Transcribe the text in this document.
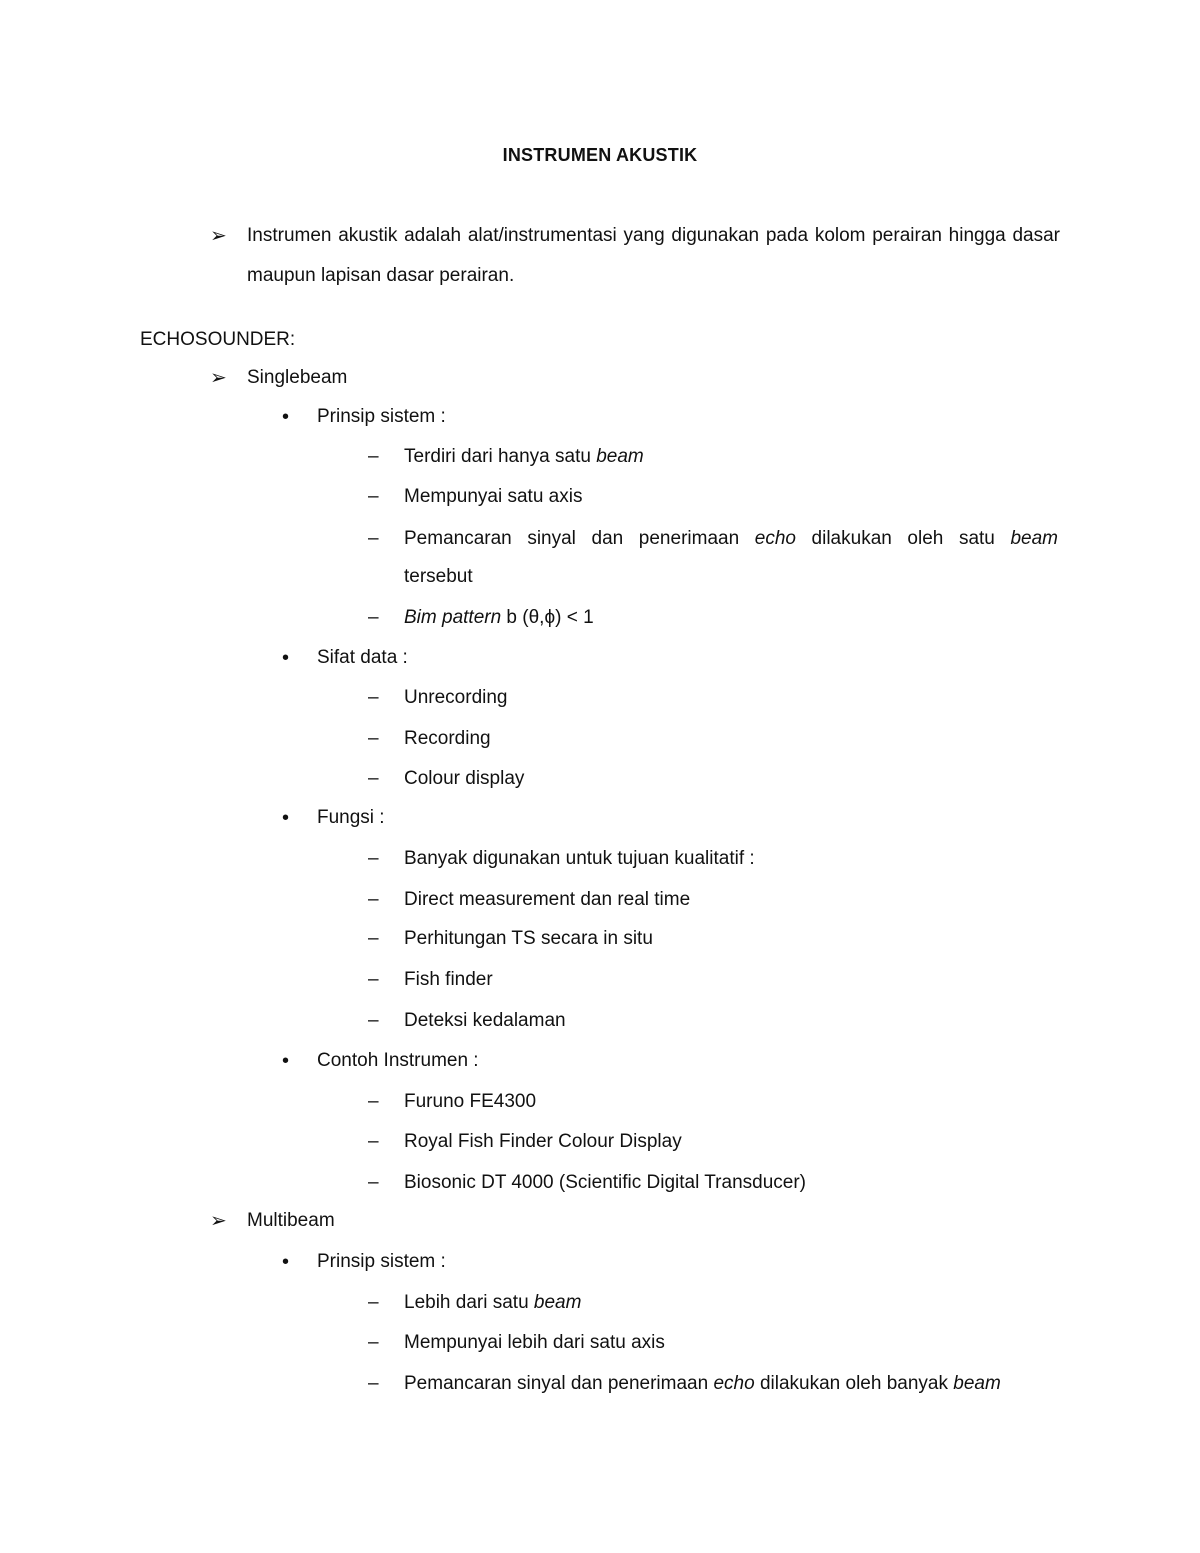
INSTRUMEN AKUSTIK
➢ Instrumen akustik adalah alat/instrumentasi yang digunakan pada kolom perairan hingga dasar maupun lapisan dasar perairan.
ECHOSOUNDER:
➢ Singlebeam
• Prinsip sistem :
– Terdiri dari hanya satu beam
– Mempunyai satu axis
– Pemancaran sinyal dan penerimaan echo dilakukan oleh satu beam
tersebut
– Bim pattern b (θ,ϕ) < 1
• Sifat data :
– Unrecording
– Recording
– Colour display
• Fungsi :
– Banyak digunakan untuk tujuan kualitatif :
– Direct measurement dan real time
– Perhitungan TS secara in situ
– Fish finder
– Deteksi kedalaman
• Contoh Instrumen :
– Furuno FE4300
– Royal Fish Finder Colour Display
– Biosonic DT 4000 (Scientific Digital Transducer)
➢ Multibeam
• Prinsip sistem :
– Lebih dari satu beam
– Mempunyai lebih dari satu axis
– Pemancaran sinyal dan penerimaan echo dilakukan oleh banyak beam
